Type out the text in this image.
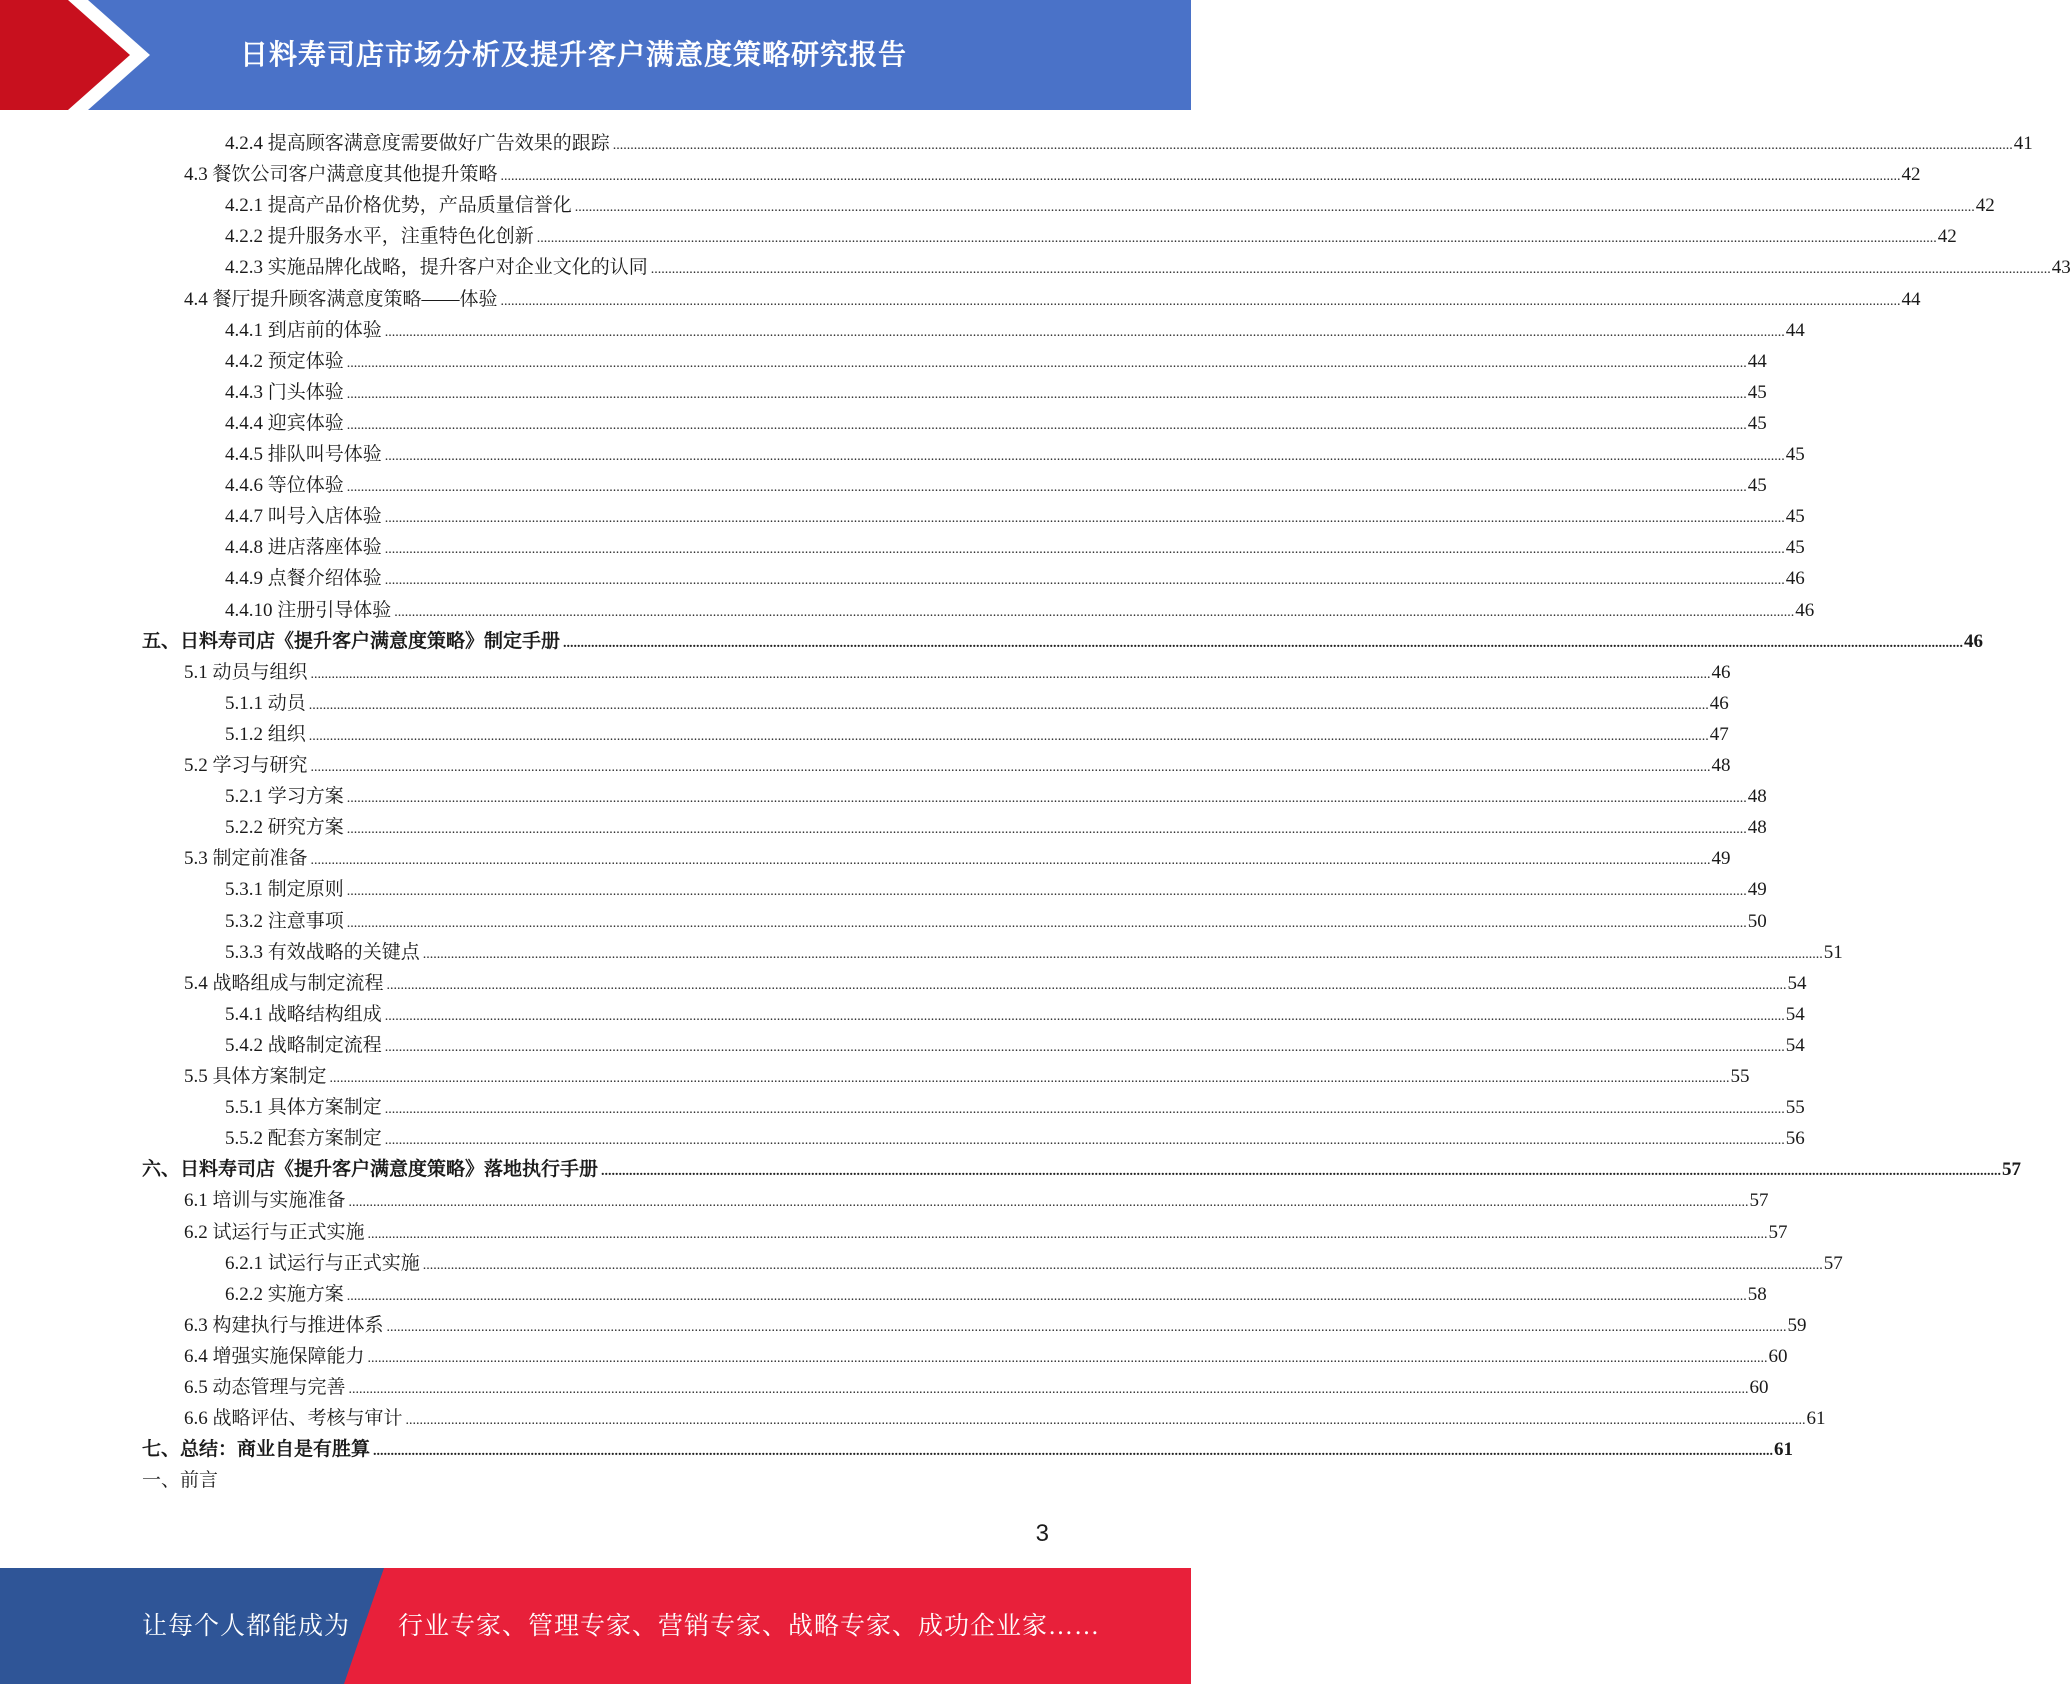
日料寿司店市场分析及提升客户满意度策略研究报告
4.2.4 提高顾客满意度需要做好广告效果的跟踪 ................................................................................................................................................................................................................................................................................................................................................................................................................ 41
4.3 餐饮公司客户满意度其他提升策略 ................................................................................................................................................................................................................................................................................................................................................................................................................ 42
4.2.1 提高产品价格优势，产品质量信誉化 ................................................................................................................................................................................................................................................................................................................................................................................................................ 42
4.2.2 提升服务水平，注重特色化创新 ................................................................................................................................................................................................................................................................................................................................................................................................................ 42
4.2.3 实施品牌化战略，提升客户对企业文化的认同 ................................................................................................................................................................................................................................................................................................................................................................................................................ 43
4.4 餐厅提升顾客满意度策略——体验 ................................................................................................................................................................................................................................................................................................................................................................................................................ 44
4.4.1 到店前的体验 ................................................................................................................................................................................................................................................................................................................................................................................................................ 44
4.4.2 预定体验 ................................................................................................................................................................................................................................................................................................................................................................................................................ 44
4.4.3 门头体验 ................................................................................................................................................................................................................................................................................................................................................................................................................ 45
4.4.4 迎宾体验 ................................................................................................................................................................................................................................................................................................................................................................................................................ 45
4.4.5 排队叫号体验 ................................................................................................................................................................................................................................................................................................................................................................................................................ 45
4.4.6 等位体验 ................................................................................................................................................................................................................................................................................................................................................................................................................ 45
4.4.7 叫号入店体验 ................................................................................................................................................................................................................................................................................................................................................................................................................ 45
4.4.8 进店落座体验 ................................................................................................................................................................................................................................................................................................................................................................................................................ 45
4.4.9 点餐介绍体验 ................................................................................................................................................................................................................................................................................................................................................................................................................ 46
4.4.10 注册引导体验 ................................................................................................................................................................................................................................................................................................................................................................................................................ 46
五、日料寿司店《提升客户满意度策略》制定手册 ................................................................................................................................................................................................................................................................................................................................................................................................................ 46
5.1 动员与组织 ................................................................................................................................................................................................................................................................................................................................................................................................................ 46
5.1.1 动员 ................................................................................................................................................................................................................................................................................................................................................................................................................ 46
5.1.2 组织 ................................................................................................................................................................................................................................................................................................................................................................................................................ 47
5.2 学习与研究 ................................................................................................................................................................................................................................................................................................................................................................................................................ 48
5.2.1 学习方案 ................................................................................................................................................................................................................................................................................................................................................................................................................ 48
5.2.2 研究方案 ................................................................................................................................................................................................................................................................................................................................................................................................................ 48
5.3 制定前准备 ................................................................................................................................................................................................................................................................................................................................................................................................................ 49
5.3.1 制定原则 ................................................................................................................................................................................................................................................................................................................................................................................................................ 49
5.3.2 注意事项 ................................................................................................................................................................................................................................................................................................................................................................................................................ 50
5.3.3 有效战略的关键点 ................................................................................................................................................................................................................................................................................................................................................................................................................ 51
5.4 战略组成与制定流程 ................................................................................................................................................................................................................................................................................................................................................................................................................ 54
5.4.1 战略结构组成 ................................................................................................................................................................................................................................................................................................................................................................................................................ 54
5.4.2 战略制定流程 ................................................................................................................................................................................................................................................................................................................................................................................................................ 54
5.5 具体方案制定 ................................................................................................................................................................................................................................................................................................................................................................................................................ 55
5.5.1 具体方案制定 ................................................................................................................................................................................................................................................................................................................................................................................................................ 55
5.5.2 配套方案制定 ................................................................................................................................................................................................................................................................................................................................................................................................................ 56
六、日料寿司店《提升客户满意度策略》落地执行手册 ................................................................................................................................................................................................................................................................................................................................................................................................................ 57
6.1 培训与实施准备 ................................................................................................................................................................................................................................................................................................................................................................................................................ 57
6.2 试运行与正式实施 ................................................................................................................................................................................................................................................................................................................................................................................................................ 57
6.2.1 试运行与正式实施 ................................................................................................................................................................................................................................................................................................................................................................................................................ 57
6.2.2 实施方案 ................................................................................................................................................................................................................................................................................................................................................................................................................ 58
6.3 构建执行与推进体系 ................................................................................................................................................................................................................................................................................................................................................................................................................ 59
6.4 增强实施保障能力 ................................................................................................................................................................................................................................................................................................................................................................................................................ 60
6.5 动态管理与完善 ................................................................................................................................................................................................................................................................................................................................................................................................................ 60
6.6 战略评估、考核与审计 ................................................................................................................................................................................................................................................................................................................................................................................................................ 61
七、总结：商业自是有胜算 ................................................................................................................................................................................................................................................................................................................................................................................................................ 61
一、前言
3
让每个人都能成为 行业专家、管理专家、营销专家、战略专家、成功企业家……
